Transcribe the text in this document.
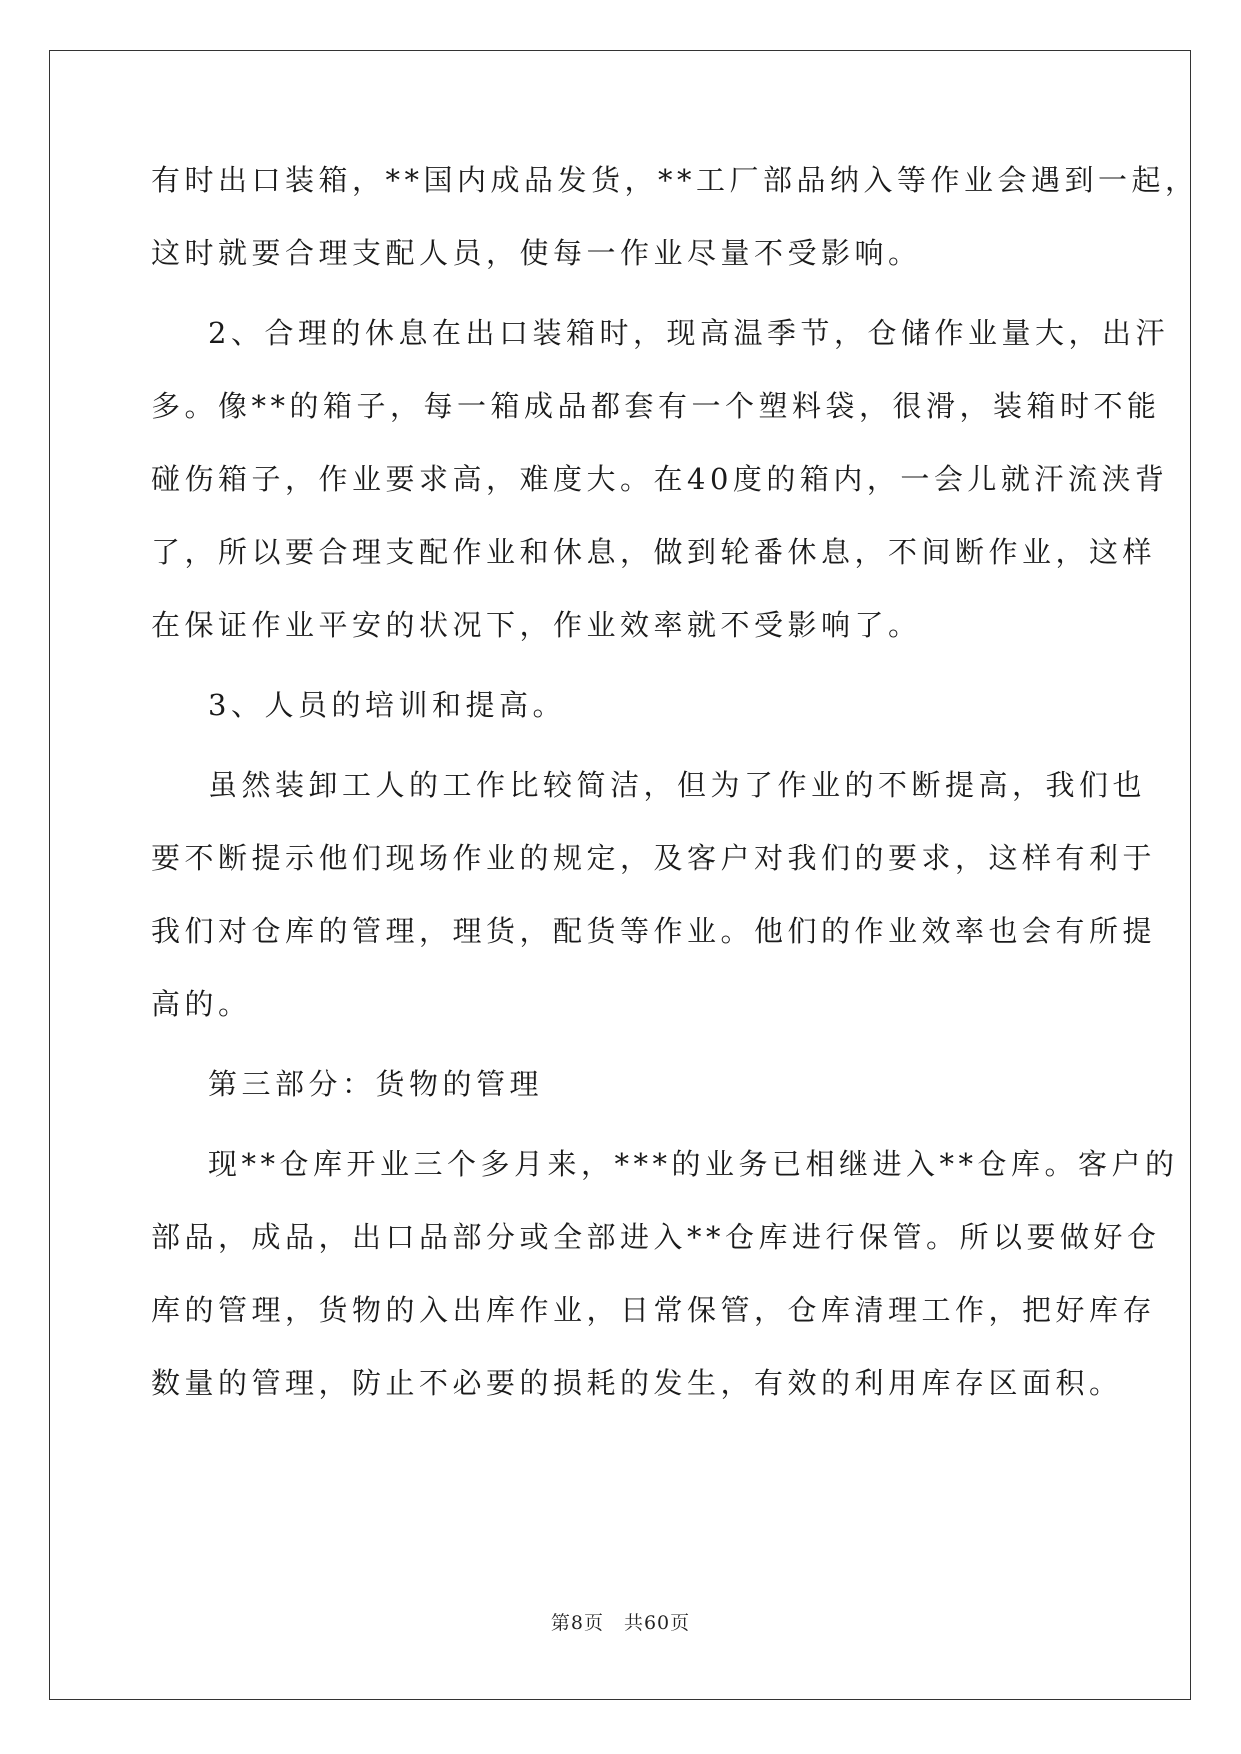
有时出口装箱，**国内成品发货，**工厂部品纳入等作业会遇到一起，
这时就要合理支配人员，使每一作业尽量不受影响。
2、合理的休息在出口装箱时，现高温季节，仓储作业量大，出汗
多。像**的箱子，每一箱成品都套有一个塑料袋，很滑，装箱时不能
碰伤箱子，作业要求高，难度大。在40度的箱内，一会儿就汗流浃背
了，所以要合理支配作业和休息，做到轮番休息，不间断作业，这样
在保证作业平安的状况下，作业效率就不受影响了。
3、人员的培训和提高。
虽然装卸工人的工作比较简洁，但为了作业的不断提高，我们也
要不断提示他们现场作业的规定，及客户对我们的要求，这样有利于
我们对仓库的管理，理货，配货等作业。他们的作业效率也会有所提
高的。
第三部分：货物的管理
现**仓库开业三个多月来，***的业务已相继进入**仓库。客户的
部品，成品，出口品部分或全部进入**仓库进行保管。所以要做好仓
库的管理，货物的入出库作业，日常保管，仓库清理工作，把好库存
数量的管理，防止不必要的损耗的发生，有效的利用库存区面积。
第8页 共60页
